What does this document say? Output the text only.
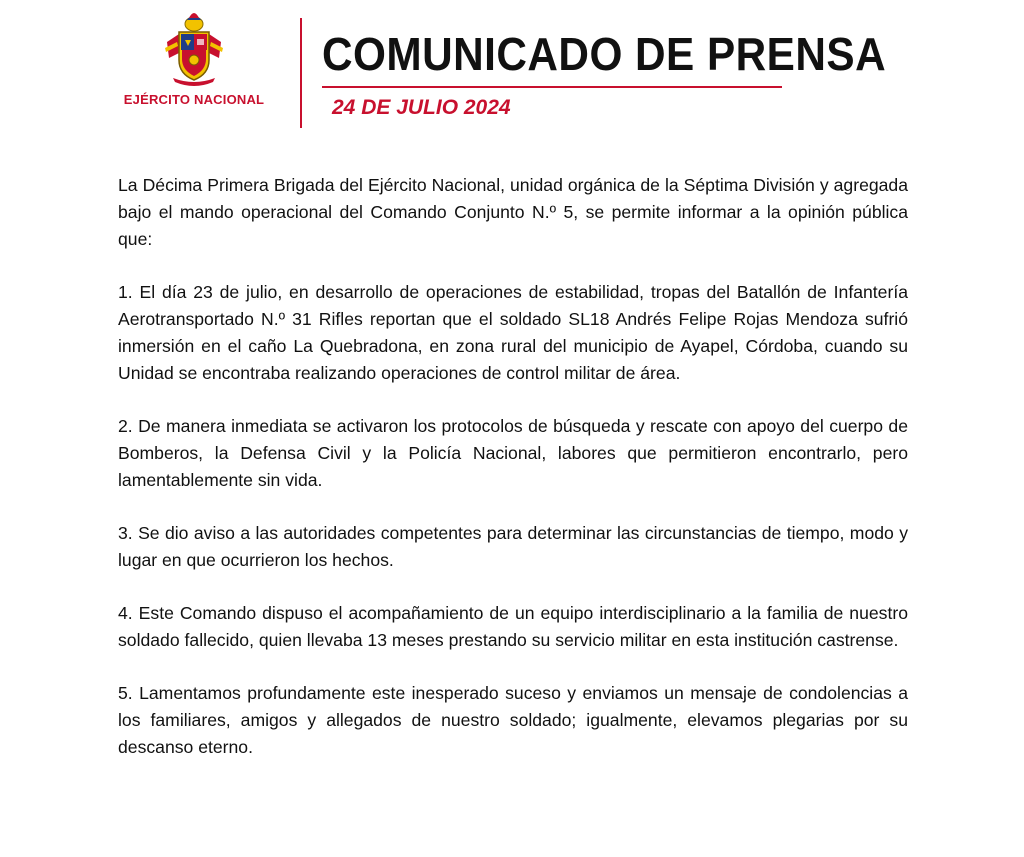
EJÉRCITO NACIONAL
COMUNICADO DE PRENSA
24 DE JULIO 2024

La Décima Primera Brigada del Ejército Nacional, unidad orgánica de la Séptima División y agregada bajo el mando operacional del Comando Conjunto N.º 5, se permite informar a la opinión pública que:

1. El día 23 de julio, en desarrollo de operaciones de estabilidad, tropas del Batallón de Infantería Aerotransportado N.º 31 Rifles reportan que el soldado SL18 Andrés Felipe Rojas Mendoza sufrió inmersión en el caño La Quebradona, en zona rural del municipio de Ayapel, Córdoba, cuando su Unidad se encontraba realizando operaciones de control militar de área.

2. De manera inmediata se activaron los protocolos de búsqueda y rescate con apoyo del cuerpo de Bomberos, la Defensa Civil y la Policía Nacional, labores que permitieron encontrarlo, pero lamentablemente sin vida.

3. Se dio aviso a las autoridades competentes para determinar las circunstancias de tiempo, modo y lugar en que ocurrieron los hechos.

4. Este Comando dispuso el acompañamiento de un equipo interdisciplinario a la familia de nuestro soldado fallecido, quien llevaba 13 meses prestando su servicio militar en esta institución castrense.

5. Lamentamos profundamente este inesperado suceso y enviamos un mensaje de condolencias a los familiares, amigos y allegados de nuestro soldado; igualmente, elevamos plegarias por su descanso eterno.
